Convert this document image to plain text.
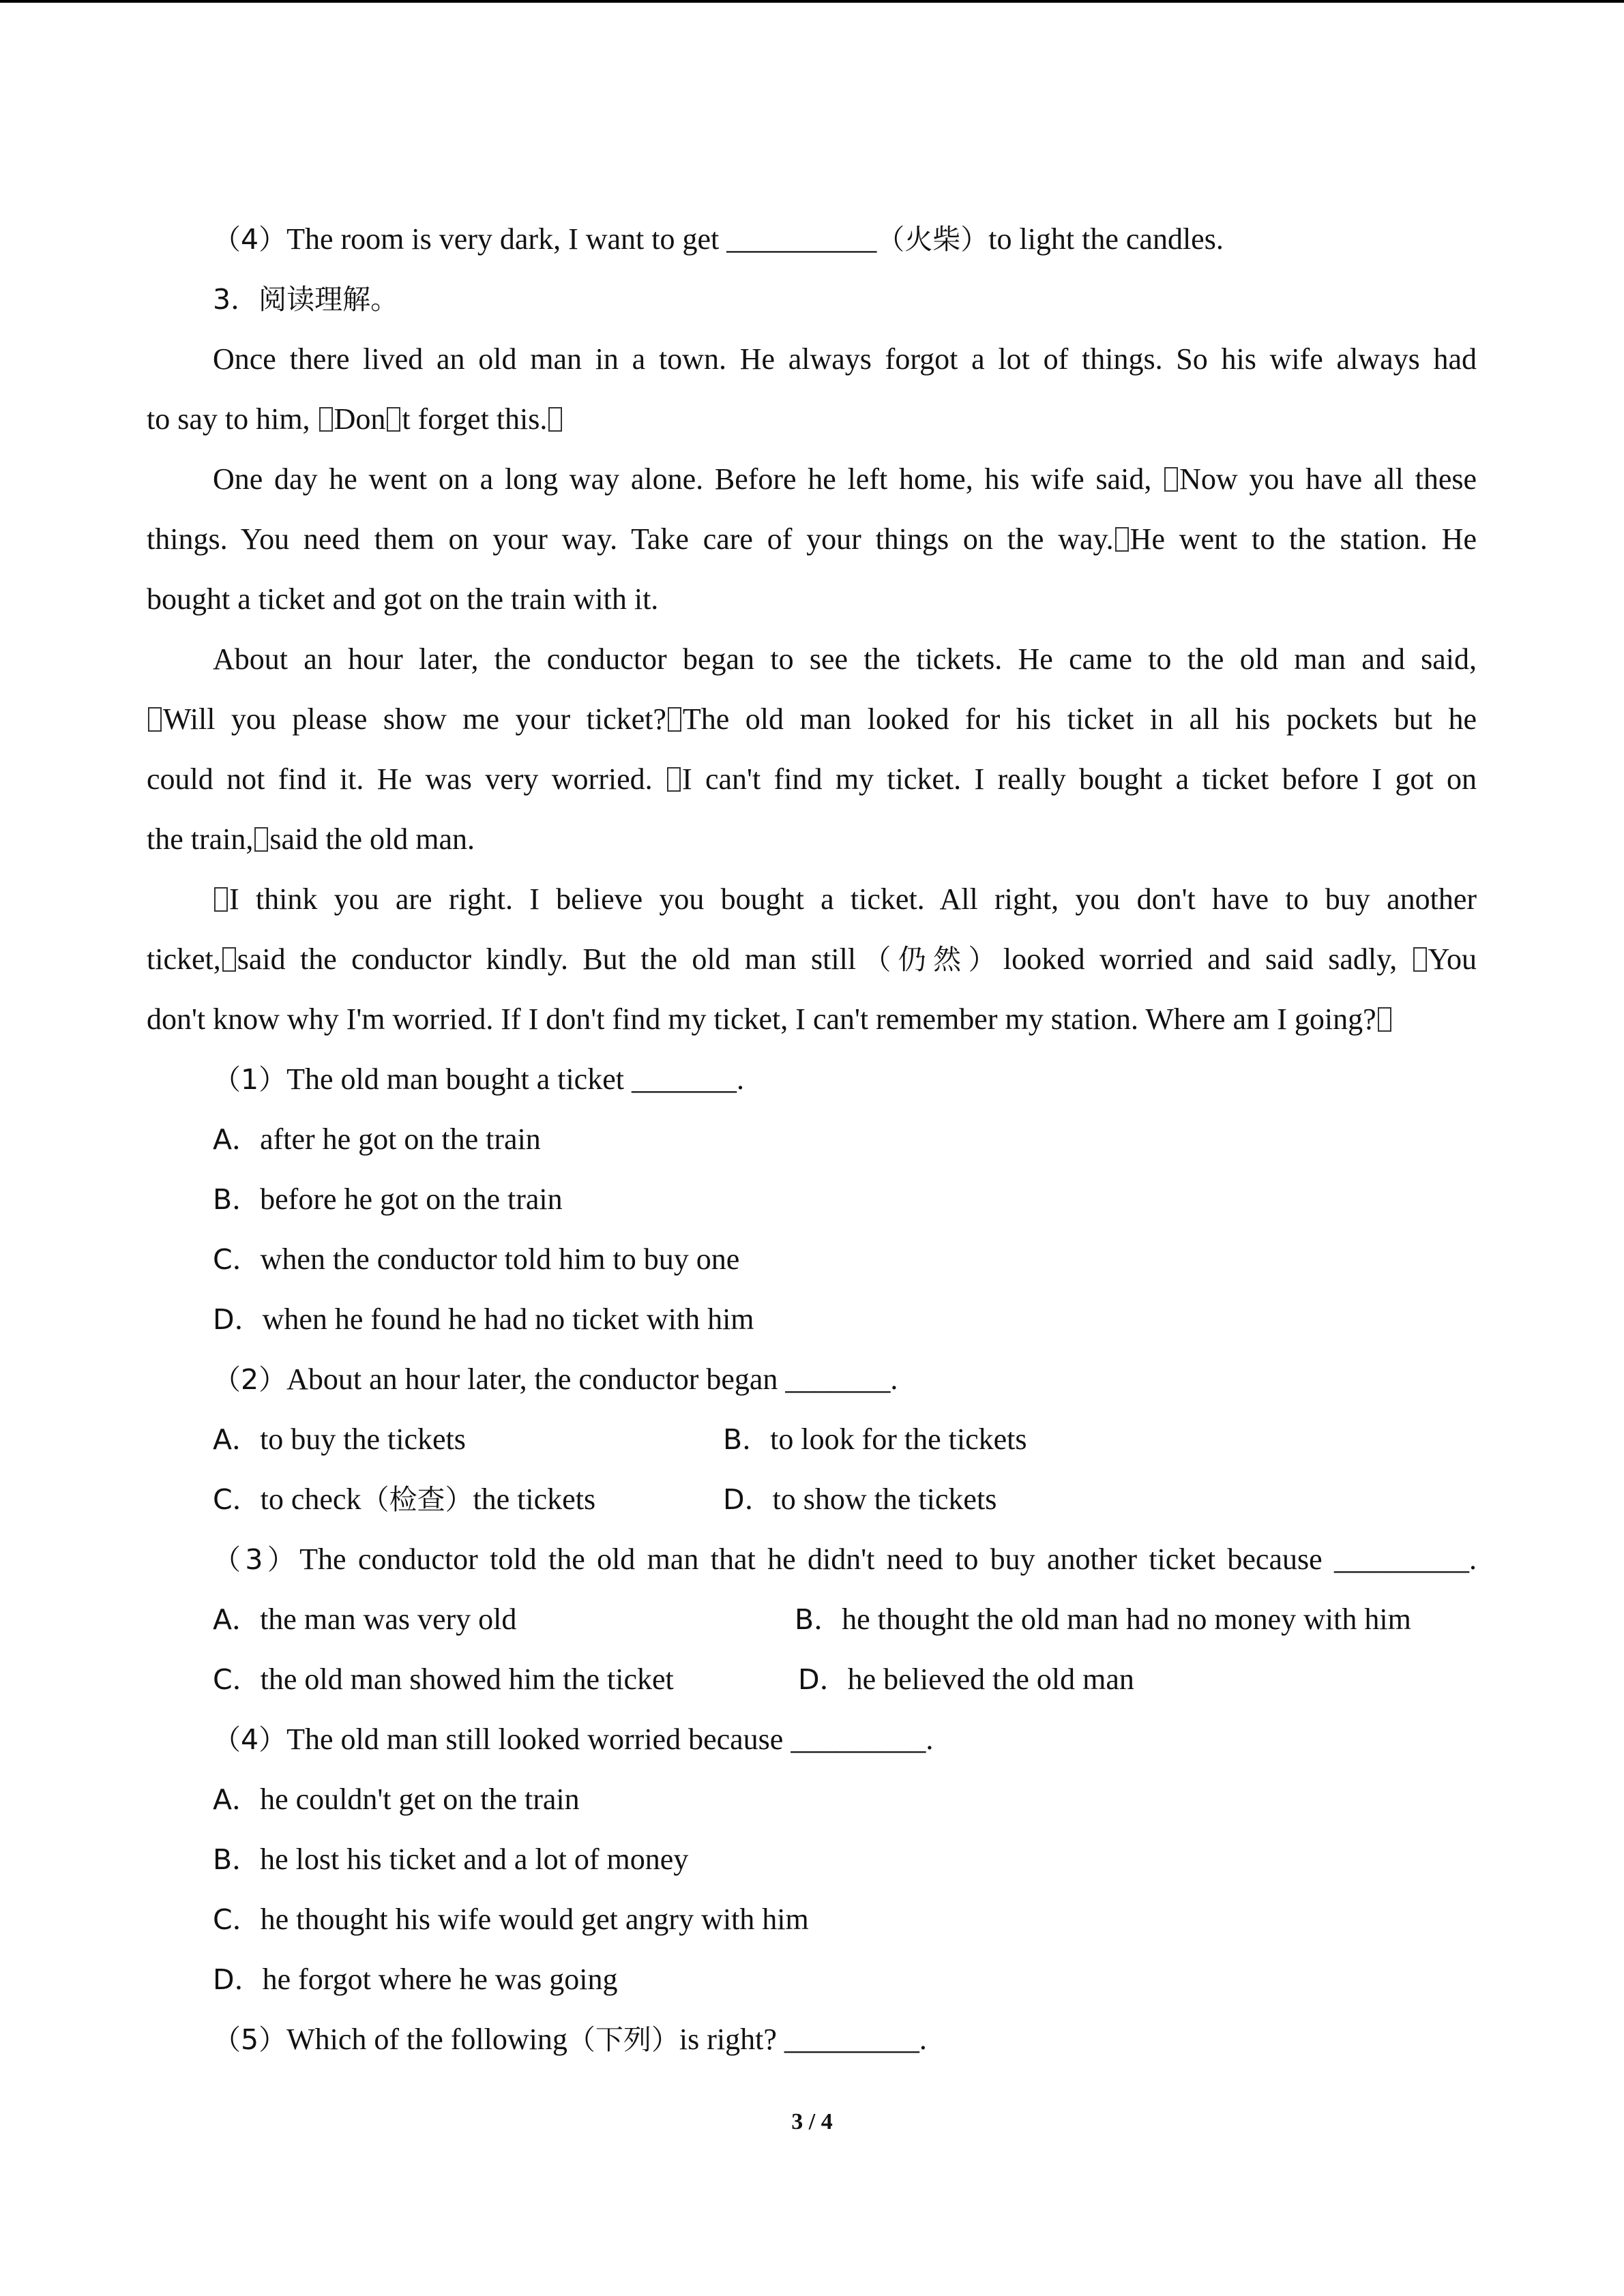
（4）The room is very dark, I want to get __________（火柴）to light the candles.
3．阅读理解。
Once there lived an old man in a town. He always forgot a lot of things. So his wife always had
to say to him, Don t forget this.
One day he went on a long way alone. Before he left home, his wife said, Now you have all these
things. You need them on your way. Take care of your things on the way. He went to the station. He
bought a ticket and got on the train with it.
About an hour later, the conductor began to see the tickets. He came to the old man and said,
Will you please show me your ticket? The old man looked for his ticket in all his pockets but he
could not find it. He was very worried. I can't find my ticket. I really bought a ticket before I got on
the train, said the old man.
I think you are right. I believe you bought a ticket. All right, you don't have to buy another
ticket, said the conductor kindly. But the old man still（仍然）looked worried and said sadly, You
don't know why I'm worried. If I don't find my ticket, I can't remember my station. Where am I going?
（1）The old man bought a ticket _______.
A．after he got on the train
B．before he got on the train
C．when the conductor told him to buy one
D．when he found he had no ticket with him
（2）About an hour later, the conductor began _______.
A．to buy the tickets	B．to look for the tickets
C．to check（检查）the tickets	D．to show the tickets
（3）The conductor told the old man that he didn't need to buy another ticket because _________.
A．the man was very old	B．he thought the old man had no money with him
C．the old man showed him the ticket	D．he believed the old man
（4）The old man still looked worried because _________.
A．he couldn't get on the train
B．he lost his ticket and a lot of money
C．he thought his wife would get angry with him
D．he forgot where he was going
（5）Which of the following（下列）is right? _________.
3 / 4
